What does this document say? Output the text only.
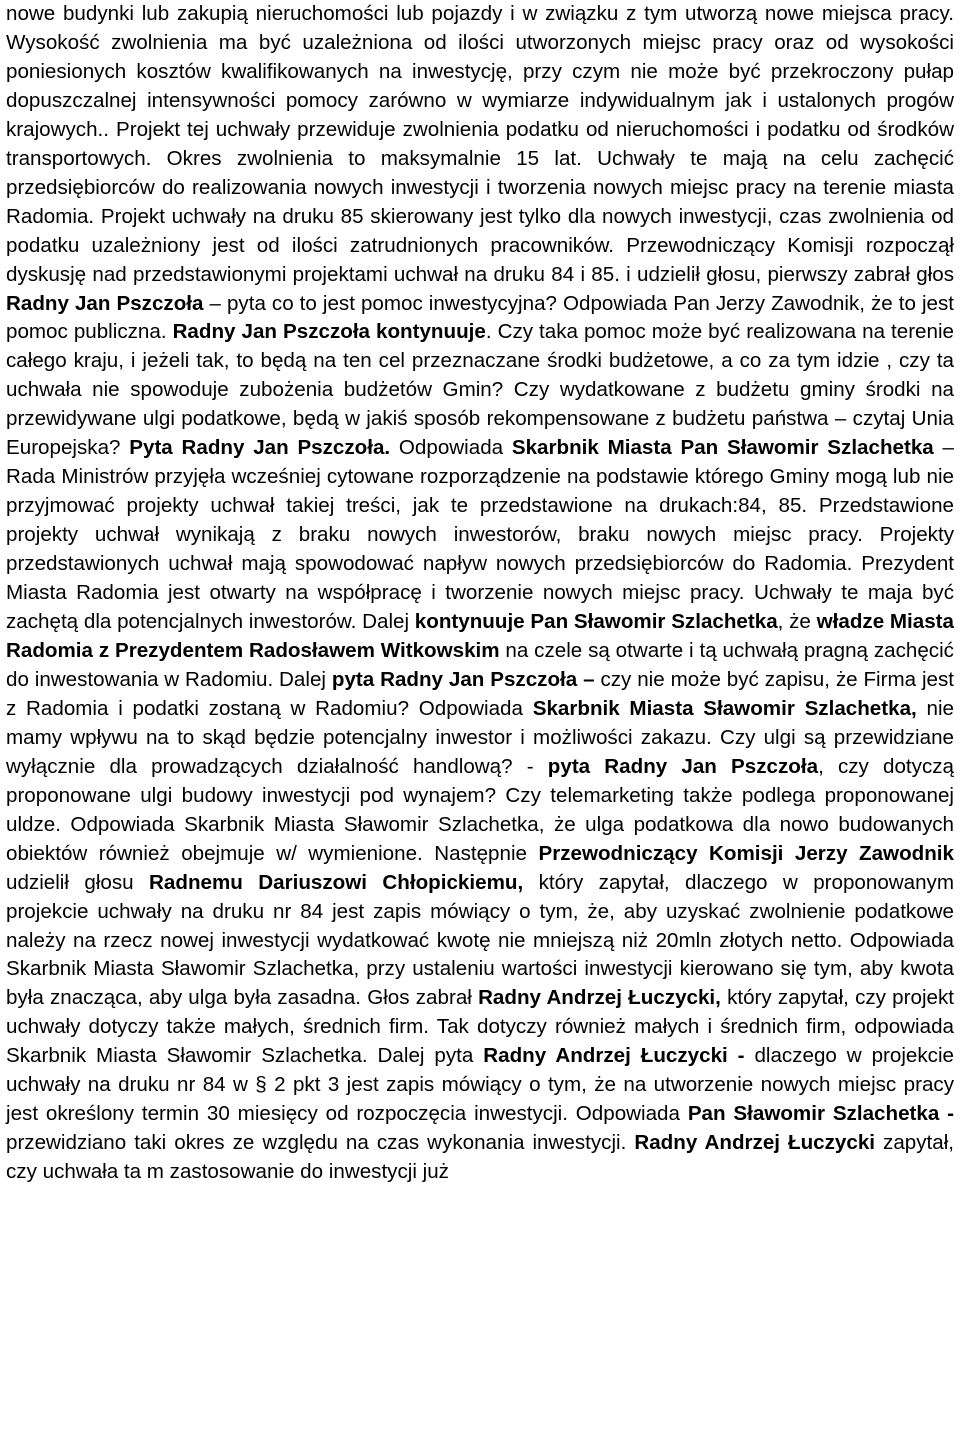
nowe budynki lub zakupią nieruchomości lub pojazdy i w związku z tym utworzą nowe miejsca pracy. Wysokość zwolnienia ma być uzależniona od ilości utworzonych miejsc pracy oraz od wysokości poniesionych kosztów kwalifikowanych na inwestycję, przy czym nie może być przekroczony pułap dopuszczalnej intensywności pomocy zarówno w wymiarze indywidualnym jak i ustalonych progów krajowych.. Projekt tej uchwały przewiduje zwolnienia podatku od nieruchomości i podatku od środków transportowych. Okres zwolnienia to maksymalnie 15 lat. Uchwały te mają na celu zachęcić przedsiębiorców do realizowania nowych inwestycji i tworzenia nowych miejsc pracy na terenie miasta Radomia. Projekt uchwały na druku 85 skierowany jest tylko dla nowych inwestycji, czas zwolnienia od podatku uzależniony jest od ilości zatrudnionych pracowników. Przewodniczący Komisji rozpoczął dyskusję nad przedstawionymi projektami uchwał na druku 84 i 85. i udzielił głosu, pierwszy zabrał głos Radny Jan Pszczoła – pyta co to jest pomoc inwestycyjna? Odpowiada Pan Jerzy Zawodnik, że to jest pomoc publiczna. Radny Jan Pszczoła kontynuuje. Czy taka pomoc może być realizowana na terenie całego kraju, i jeżeli tak, to będą na ten cel przeznaczane środki budżetowe, a co za tym idzie , czy ta uchwała nie spowoduje zubożenia budżetów Gmin? Czy wydatkowane z budżetu gminy środki na przewidywane ulgi podatkowe, będą w jakiś sposób rekompensowane z budżetu państwa – czytaj Unia Europejska? Pyta Radny Jan Pszczoła. Odpowiada Skarbnik Miasta Pan Sławomir Szlachetka – Rada Ministrów przyjęła wcześniej cytowane rozporządzenie na podstawie którego Gminy mogą lub nie przyjmować projekty uchwał takiej treści, jak te przedstawione na drukach:84, 85. Przedstawione projekty uchwał wynikają z braku nowych inwestorów, braku nowych miejsc pracy. Projekty przedstawionych uchwał mają spowodować napływ nowych przedsiębiorców do Radomia. Prezydent Miasta Radomia jest otwarty na współpracę i tworzenie nowych miejsc pracy. Uchwały te maja być zachętą dla potencjalnych inwestorów. Dalej kontynuuje Pan Sławomir Szlachetka, że władze Miasta Radomia z Prezydentem Radosławem Witkowskim na czele są otwarte i tą uchwałą pragną zachęcić do inwestowania w Radomiu. Dalej pyta Radny Jan Pszczoła – czy nie może być zapisu, że Firma jest z Radomia i podatki zostaną w Radomiu? Odpowiada Skarbnik Miasta Sławomir Szlachetka, nie mamy wpływu na to skąd będzie potencjalny inwestor i możliwości zakazu. Czy ulgi są przewidziane wyłącznie dla prowadzących działalność handlową? - pyta Radny Jan Pszczoła, czy dotyczą proponowane ulgi budowy inwestycji pod wynajem? Czy telemarketing także podlega proponowanej uldze. Odpowiada Skarbnik Miasta Sławomir Szlachetka, że ulga podatkowa dla nowo budowanych obiektów również obejmuje w/ wymienione. Następnie Przewodniczący Komisji Jerzy Zawodnik udzielił głosu Radnemu Dariuszowi Chłopickiemu, który zapytał, dlaczego w proponowanym projekcie uchwały na druku nr 84 jest zapis mówiący o tym, że, aby uzyskać zwolnienie podatkowe należy na rzecz nowej inwestycji wydatkować kwotę nie mniejszą niż 20mln złotych netto. Odpowiada Skarbnik Miasta Sławomir Szlachetka, przy ustaleniu wartości inwestycji kierowano się tym, aby kwota była znacząca, aby ulga była zasadna. Głos zabrał Radny Andrzej Łuczycki, który zapytał, czy projekt uchwały dotyczy także małych, średnich firm. Tak dotyczy również małych i średnich firm, odpowiada Skarbnik Miasta Sławomir Szlachetka. Dalej pyta Radny Andrzej Łuczycki - dlaczego w projekcie uchwały na druku nr 84 w § 2 pkt 3 jest zapis mówiący o tym, że na utworzenie nowych miejsc pracy jest określony termin 30 miesięcy od rozpoczęcia inwestycji. Odpowiada Pan Sławomir Szlachetka - przewidziano taki okres ze względu na czas wykonania inwestycji. Radny Andrzej Łuczycki zapytał, czy uchwała ta m zastosowanie do inwestycji już
